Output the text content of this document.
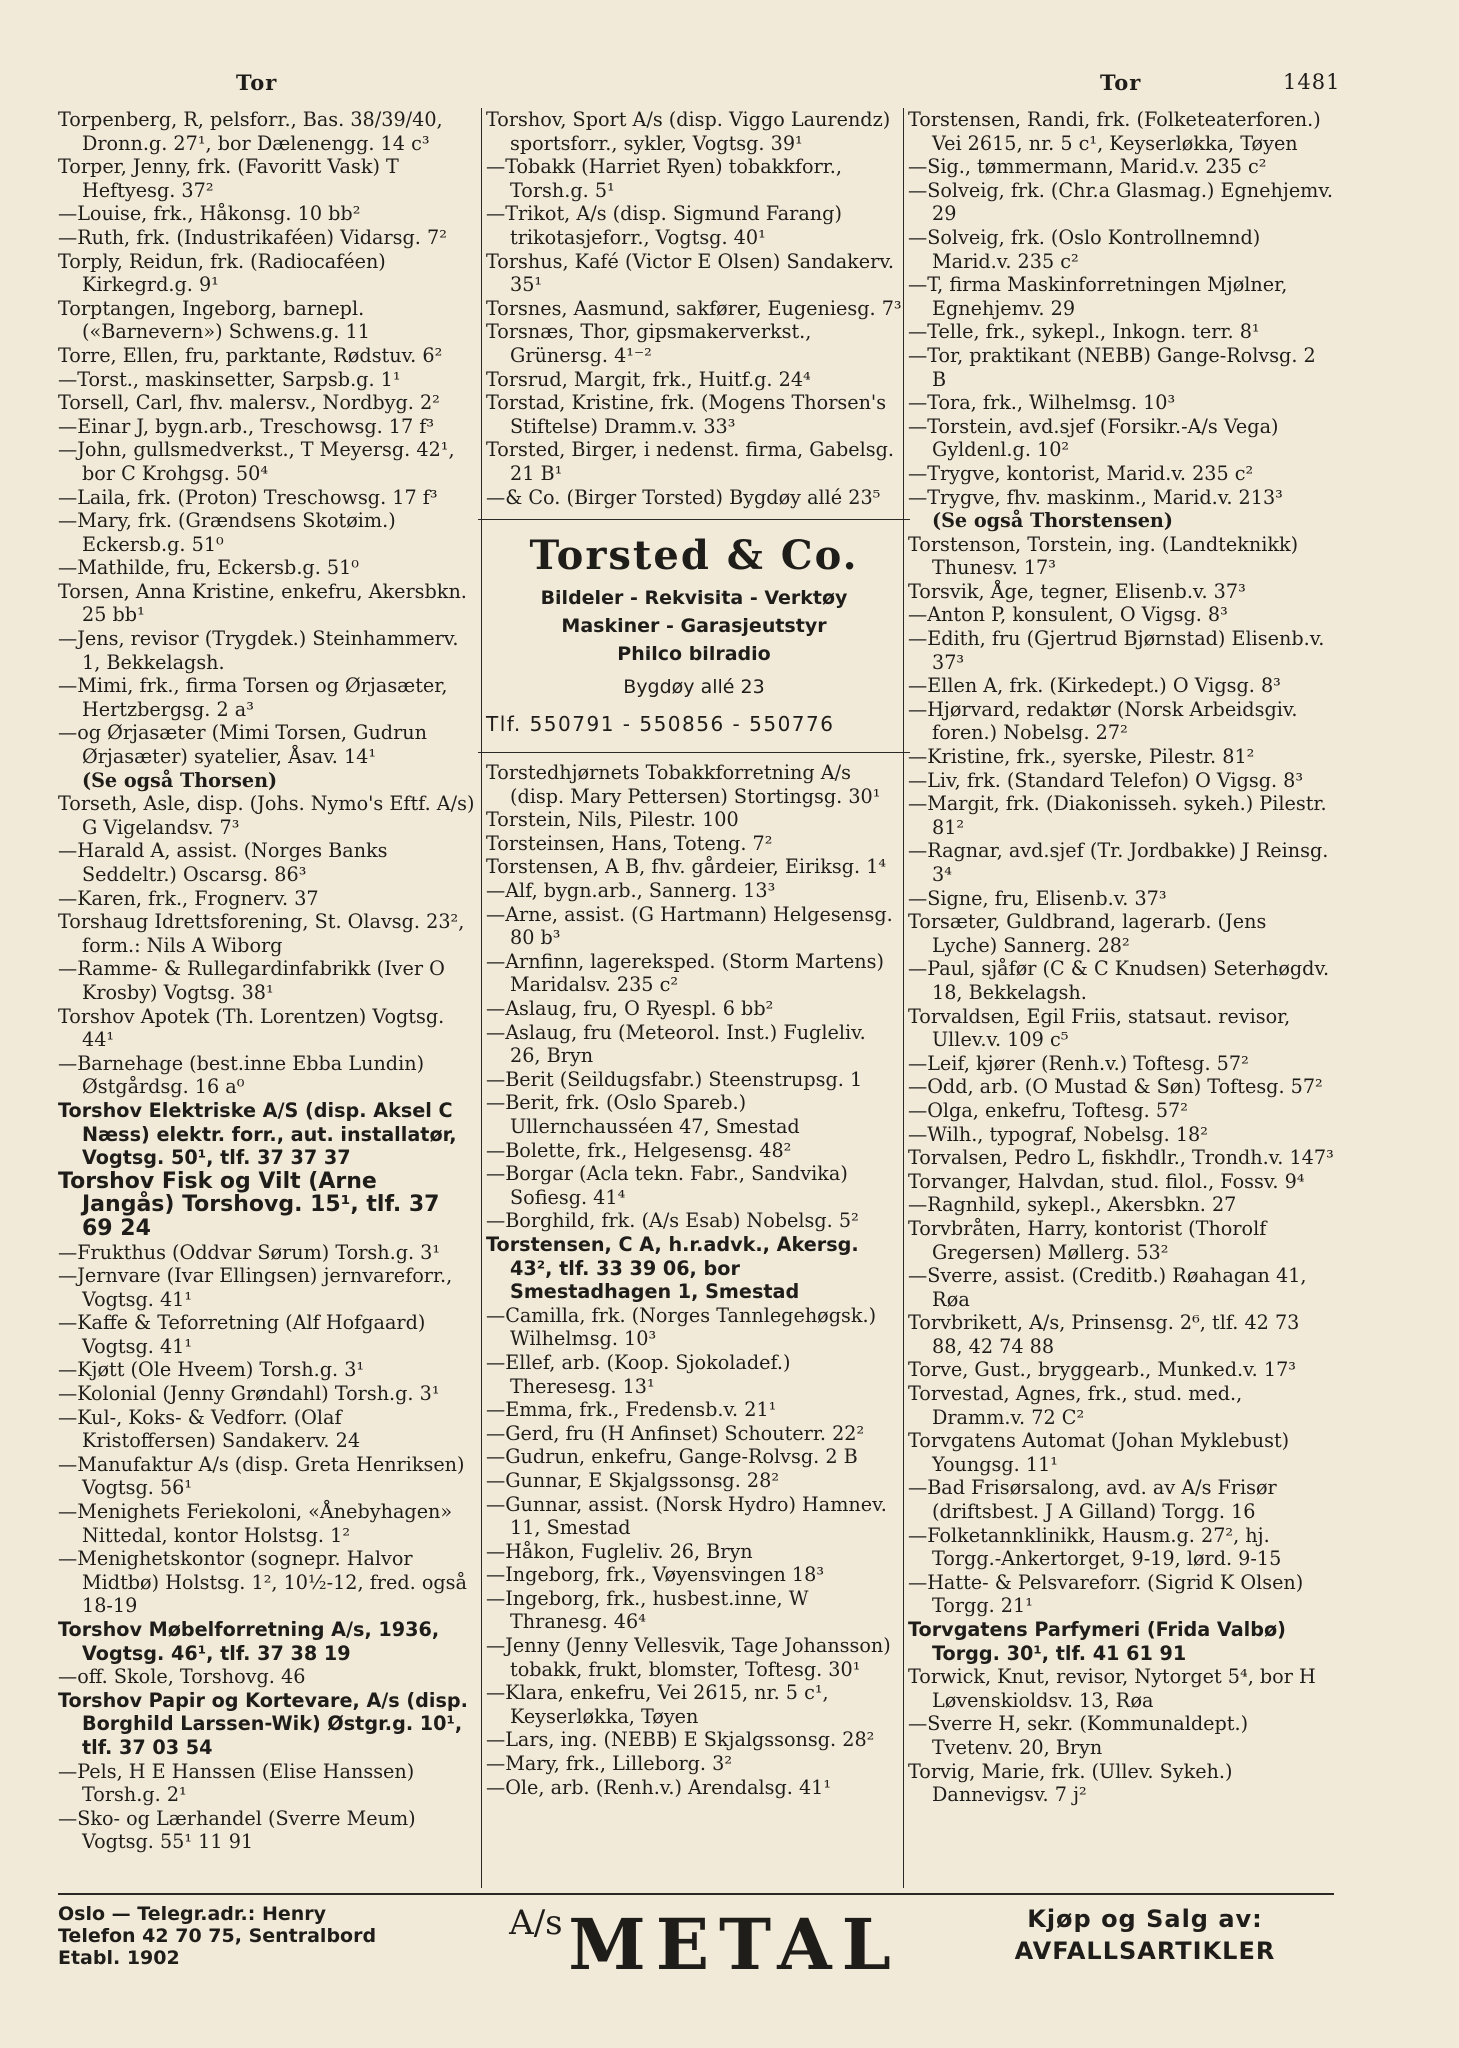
Tor	Tor	1481
Torpenberg, R, pelsforr., Bas. 38/39/40, Dronn.g. 27¹, bor Dælenengg. 14 c³
Torper, Jenny, frk. (Favoritt Vask) T Heftyesg. 37²
—Louise, frk., Håkonsg. 10 bb²
—Ruth, frk. (Industrikaféen) Vidarsg. 7²
Torply, Reidun, frk. (Radiocaféen) Kirkegrd.g. 9¹
Torptangen, Ingeborg, barnepl. («Barnevern») Schwens.g. 11
Torre, Ellen, fru, parktante, Rødstuv. 6²
—Torst., maskinsetter, Sarpsb.g. 1¹
Torsell, Carl, fhv. malersv., Nordbyg. 2²
—Einar J, bygn.arb., Treschowsg. 17 f³
—John, gullsmedverkst., T Meyersg. 42¹, bor C Krohgsg. 50⁴
—Laila, frk. (Proton) Treschowsg. 17 f³
—Mary, frk. (Grændsens Skotøim.) Eckersb.g. 51⁰
—Mathilde, fru, Eckersb.g. 51⁰
Torsen, Anna Kristine, enkefru, Akersbkn. 25 bb¹
—Jens, revisor (Trygdek.) Steinhammerv. 1, Bekkelagsh.
—Mimi, frk., firma Torsen og Ørjasæter, Hertzbergsg. 2 a³
—og Ørjasæter (Mimi Torsen, Gudrun Ørjasæter) syatelier, Åsav. 14¹
(Se også Thorsen)
Torseth, Asle, disp. (Johs. Nymo's Eftf. A/s) G Vigelandsv. 7³
—Harald A, assist. (Norges Banks Seddeltr.) Oscarsg. 86³
—Karen, frk., Frognerv. 37
Torshaug Idrettsforening, St. Olavsg. 23², form.: Nils A Wiborg
—Ramme- & Rullegardinfabrikk (Iver O Krosby) Vogtsg. 38¹
Torshov Apotek (Th. Lorentzen) Vogtsg. 44¹
—Barnehage (best.inne Ebba Lundin) Østgårdsg. 16 a⁰
Torshov Elektriske A/S (disp. Aksel C Næss) elektr. forr., aut. installatør, Vogtsg. 50¹, tlf. 37 37 37
Torshov Fisk og Vilt (Arne Jangås) Torshovg. 15¹, tlf. 37 69 24
—Frukthus (Oddvar Sørum) Torsh.g. 3¹
—Jernvare (Ivar Ellingsen) jernvareforr., Vogtsg. 41¹
—Kaffe & Teforretning (Alf Hofgaard) Vogtsg. 41¹
—Kjøtt (Ole Hveem) Torsh.g. 3¹
—Kolonial (Jenny Grøndahl) Torsh.g. 3¹
—Kul-, Koks- & Vedforr. (Olaf Kristoffersen) Sandakerv. 24
—Manufaktur A/s (disp. Greta Henriksen) Vogtsg. 56¹
—Menighets Feriekoloni, «Ånebyhagen» Nittedal, kontor Holstsg. 1²
—Menighetskontor (sognepr. Halvor Midtbø) Holstsg. 1², 10½-12, fred. også 18-19
Torshov Møbelforretning A/s, 1936, Vogtsg. 46¹, tlf. 37 38 19
—off. Skole, Torshovg. 46
Torshov Papir og Kortevare, A/s (disp. Borghild Larssen-Wik) Østgr.g. 10¹, tlf. 37 03 54
—Pels, H E Hanssen (Elise Hanssen) Torsh.g. 2¹
—Sko- og Lærhandel (Sverre Meum) Vogtsg. 55¹ 11 91
Torshov, Sport A/s (disp. Viggo Laurendz) sportsforr., sykler, Vogtsg. 39¹
—Tobakk (Harriet Ryen) tobakkforr., Torsh.g. 5¹
—Trikot, A/s (disp. Sigmund Farang) trikotasjeforr., Vogtsg. 40¹
Torshus, Kafé (Victor E Olsen) Sandakerv. 35¹
Torsnes, Aasmund, sakfører, Eugeniesg. 7³
Torsnæs, Thor, gipsmakerverkst., Grünersg. 4¹⁻²
Torsrud, Margit, frk., Huitf.g. 24⁴
Torstad, Kristine, frk. (Mogens Thorsen's Stiftelse) Dramm.v. 33³
Torsted, Birger, i nedenst. firma, Gabelsg. 21 B¹
—& Co. (Birger Torsted) Bygdøy allé 23⁵
Torsted & Co.
Bildeler - Rekvisita - Verktøy
Maskiner - Garasjeutstyr
Philco bilradio
Bygdøy allé 23
Tlf. 550791 - 550856 - 550776
Torstedhjørnets Tobakkforretning A/s (disp. Mary Pettersen) Stortingsg. 30¹
Torstein, Nils, Pilestr. 100
Torsteinsen, Hans, Toteng. 7²
Torstensen, A B, fhv. gårdeier, Eiriksg. 1⁴
—Alf, bygn.arb., Sannerg. 13³
—Arne, assist. (G Hartmann) Helgesensg. 80 b³
—Arnfinn, lagereksped. (Storm Martens) Maridalsv. 235 c²
—Aslaug, fru, O Ryespl. 6 bb²
—Aslaug, fru (Meteorol. Inst.) Fugleliv. 26, Bryn
—Berit (Seildugsfabr.) Steenstrupsg. 1
—Berit, frk. (Oslo Spareb.) Ullernchausséen 47, Smestad
—Bolette, frk., Helgesensg. 48²
—Borgar (Acla tekn. Fabr., Sandvika) Sofiesg. 41⁴
—Borghild, frk. (A/s Esab) Nobelsg. 5²
Torstensen, C A, h.r.advk., Akersg. 43², tlf. 33 39 06, bor Smestadhagen 1, Smestad
—Camilla, frk. (Norges Tannlegehøgsk.) Wilhelmsg. 10³
—Ellef, arb. (Koop. Sjokoladef.) Theresesg. 13¹
—Emma, frk., Fredensb.v. 21¹
—Gerd, fru (H Anfinset) Schouterr. 22²
—Gudrun, enkefru, Gange-Rolvsg. 2 B
—Gunnar, E Skjalgssonsg. 28²
—Gunnar, assist. (Norsk Hydro) Hamnev. 11, Smestad
—Håkon, Fugleliv. 26, Bryn
—Ingeborg, frk., Vøyensvingen 18³
—Ingeborg, frk., husbest.inne, W Thranesg. 46⁴
—Jenny (Jenny Vellesvik, Tage Johansson) tobakk, frukt, blomster, Toftesg. 30¹
—Klara, enkefru, Vei 2615, nr. 5 c¹, Keyserløkka, Tøyen
—Lars, ing. (NEBB) E Skjalgssonsg. 28²
—Mary, frk., Lilleborg. 3²
—Ole, arb. (Renh.v.) Arendalsg. 41¹
Torstensen, Randi, frk. (Folketeaterforen.) Vei 2615, nr. 5 c¹, Keyserløkka, Tøyen
—Sig., tømmermann, Marid.v. 235 c²
—Solveig, frk. (Chr.a Glasmag.) Egnehjemv. 29
—Solveig, frk. (Oslo Kontrollnemnd) Marid.v. 235 c²
—T, firma Maskinforretningen Mjølner, Egnehjemv. 29
—Telle, frk., sykepl., Inkogn. terr. 8¹
—Tor, praktikant (NEBB) Gange-Rolvsg. 2 B
—Tora, frk., Wilhelmsg. 10³
—Torstein, avd.sjef (Forsikr.-A/s Vega) Gyldenl.g. 10²
—Trygve, kontorist, Marid.v. 235 c²
—Trygve, fhv. maskinm., Marid.v. 213³
(Se også Thorstensen)
Torstenson, Torstein, ing. (Landteknikk) Thunesv. 17³
Torsvik, Åge, tegner, Elisenb.v. 37³
—Anton P, konsulent, O Vigsg. 8³
—Edith, fru (Gjertrud Bjørnstad) Elisenb.v. 37³
—Ellen A, frk. (Kirkedept.) O Vigsg. 8³
—Hjørvard, redaktør (Norsk Arbeidsgiv. foren.) Nobelsg. 27²
—Kristine, frk., syerske, Pilestr. 81²
—Liv, frk. (Standard Telefon) O Vigsg. 8³
—Margit, frk. (Diakonisseh. sykeh.) Pilestr. 81²
—Ragnar, avd.sjef (Tr. Jordbakke) J Reinsg. 3⁴
—Signe, fru, Elisenb.v. 37³
Torsæter, Guldbrand, lagerarb. (Jens Lyche) Sannerg. 28²
—Paul, sjåfør (C & C Knudsen) Seterhøgdv. 18, Bekkelagsh.
Torvaldsen, Egil Friis, statsaut. revisor, Ullev.v. 109 c⁵
—Leif, kjører (Renh.v.) Toftesg. 57²
—Odd, arb. (O Mustad & Søn) Toftesg. 57²
—Olga, enkefru, Toftesg. 57²
—Wilh., typograf, Nobelsg. 18²
Torvalsen, Pedro L, fiskhdlr., Trondh.v. 147³
Torvanger, Halvdan, stud. filol., Fossv. 9⁴
—Ragnhild, sykepl., Akersbkn. 27
Torvbråten, Harry, kontorist (Thorolf Gregersen) Møllerg. 53²
—Sverre, assist. (Creditb.) Røahagan 41, Røa
Torvbrikett, A/s, Prinsensg. 2⁶, tlf. 42 73 88, 42 74 88
Torve, Gust., bryggearb., Munked.v. 17³
Torvestad, Agnes, frk., stud. med., Dramm.v. 72 C²
Torvgatens Automat (Johan Myklebust) Youngsg. 11¹
—Bad Frisørsalong, avd. av A/s Frisør (driftsbest. J A Gilland) Torgg. 16
—Folketannklinikk, Hausm.g. 27², hj. Torgg.-Ankertorget, 9-19, lørd. 9-15
—Hatte- & Pelsvareforr. (Sigrid K Olsen) Torgg. 21¹
Torvgatens Parfymeri (Frida Valbø) Torgg. 30¹, tlf. 41 61 91
Torwick, Knut, revisor, Nytorget 5⁴, bor H Løvenskioldsv. 13, Røa
—Sverre H, sekr. (Kommunaldept.) Tvetenv. 20, Bryn
Torvig, Marie, frk. (Ullev. Sykeh.) Dannevigsv. 7 j²
Oslo — Telegr.adr.: Henry
Telefon 42 70 75, Sentralbord
Etabl. 1902
A/s METAL	Kjøp og Salg av:
AVFALLSARTIKLER
